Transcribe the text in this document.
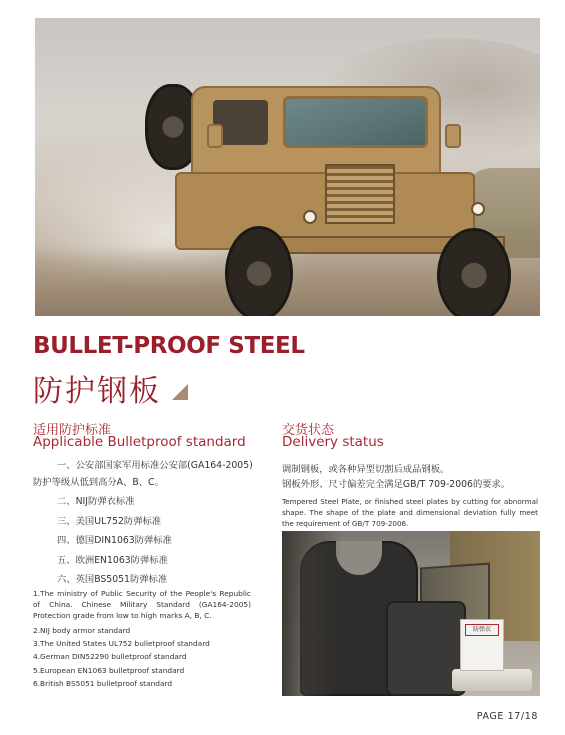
BULLET-PROOF STEEL
防护钢板
适用防护标准
Applicable Bulletproof standard
一、公安部国家军用标准公安部(GA164-2005)防护等级从低到高分A、B、C。
二、NIJ防弹衣标准
三、美国UL752防弹标准
四、德国DIN1063防弹标准
五、欧洲EN1063防弹标准
六、英国BS5051防弹标准
1.The ministry of Public Security of the People's Republic of China. Chinese Military Standard (GA164-2005) Protection grade from low to high marks A, B, C.
2.NIJ body armor standard
3.The United States UL752 bulletproof standard
4.German DIN52290 bulletproof standard
5.European EN1063 bulletproof standard
6.British BS5051 bulletproof standard
交货状态
Delivery status
调制钢板，或各种异型切割后成品钢板。
钢板外形、尺寸偏差完全满足GB/T 709-2006的要求。
Tempered Steel Plate, or finished steel plates by cutting for abnormal shape. The shape of the plate and dimensional deviation fully meet the requirement of GB/T 709-2006.
防弹衣
PAGE 17/18
